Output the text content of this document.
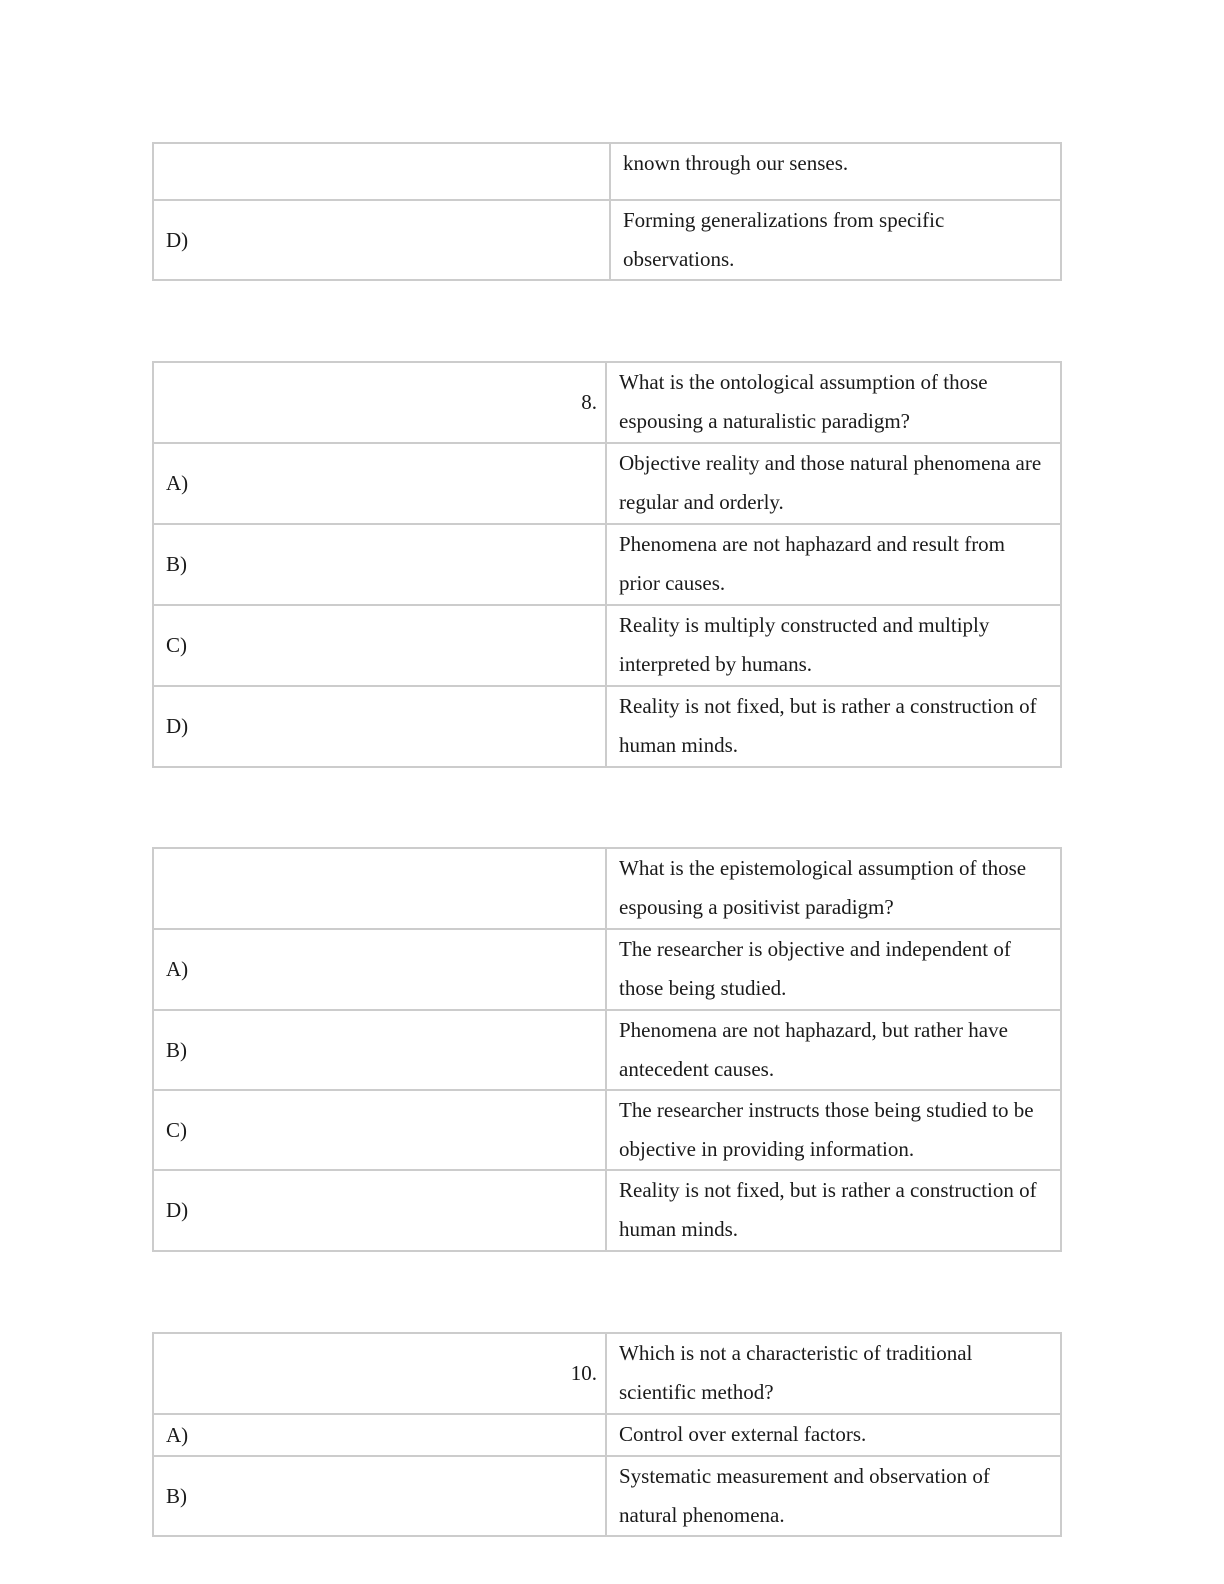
	known through our senses.
D)	Forming generalizations from specific observations.
8.	What is the ontological assumption of those espousing a naturalistic paradigm?
A)	Objective reality and those natural phenomena are regular and orderly.
B)	Phenomena are not haphazard and result from prior causes.
C)	Reality is multiply constructed and multiply interpreted by humans.
D)	Reality is not fixed, but is rather a construction of human minds.
	What is the epistemological assumption of those espousing a positivist paradigm?
A)	The researcher is objective and independent of those being studied.
B)	Phenomena are not haphazard, but rather have antecedent causes.
C)	The researcher instructs those being studied to be objective in providing information.
D)	Reality is not fixed, but is rather a construction of human minds.
10.	Which is not a characteristic of traditional scientific method?
A)	Control over external factors.
B)	Systematic measurement and observation of natural phenomena.
